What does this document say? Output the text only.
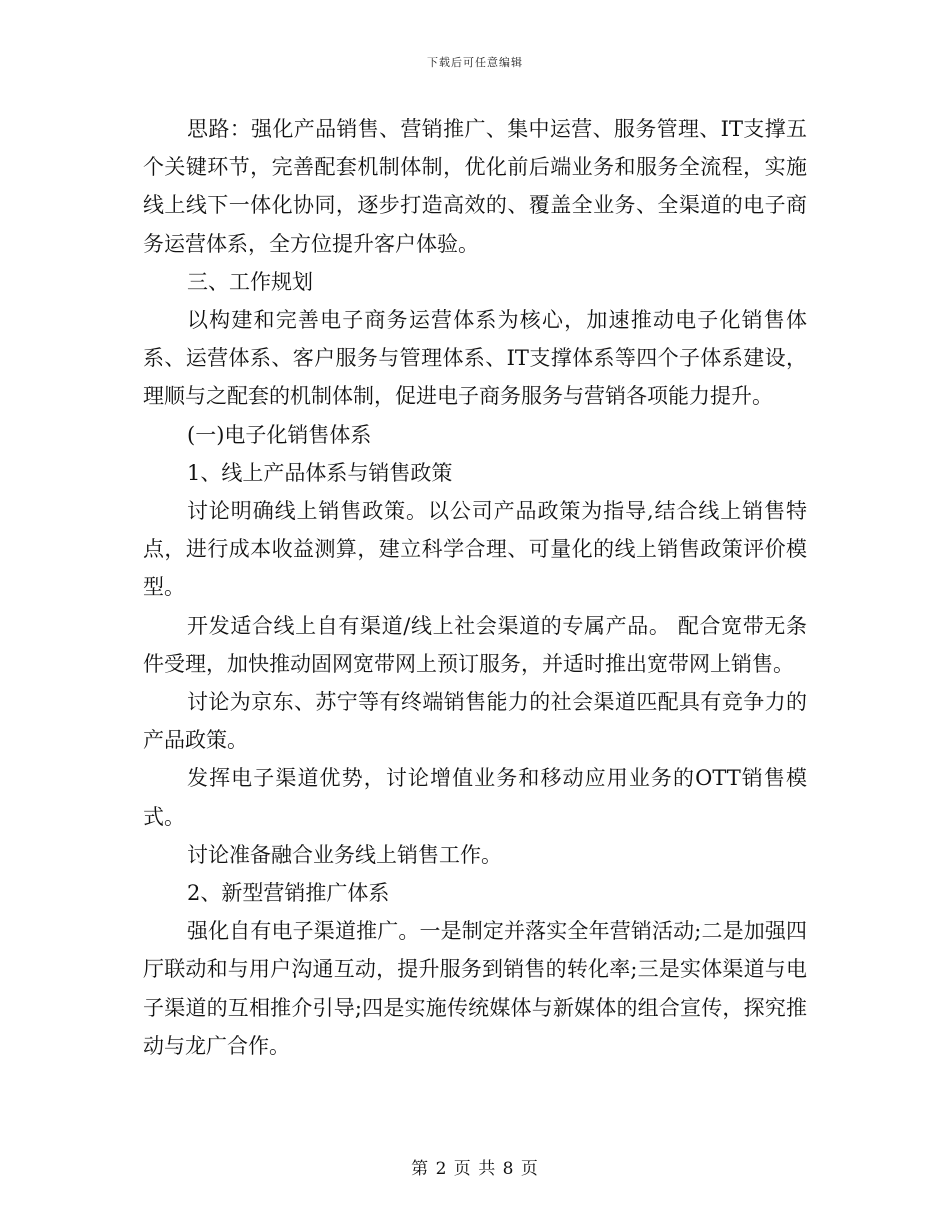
下载后可任意编辑

思路：强化产品销售、营销推广、集中运营、服务管理、IT支撑五个关键环节，完善配套机制体制，优化前后端业务和服务全流程，实施线上线下一体化协同，逐步打造高效的、覆盖全业务、全渠道的电子商务运营体系，全方位提升客户体验。

三、工作规划

以构建和完善电子商务运营体系为核心，加速推动电子化销售体系、运营体系、客户服务与管理体系、IT支撑体系等四个子体系建设，理顺与之配套的机制体制，促进电子商务服务与营销各项能力提升。

(一)电子化销售体系

1、线上产品体系与销售政策

讨论明确线上销售政策。以公司产品政策为指导,结合线上销售特点，进行成本收益测算，建立科学合理、可量化的线上销售政策评价模型。

开发适合线上自有渠道/线上社会渠道的专属产品。 配合宽带无条件受理，加快推动固网宽带网上预订服务，并适时推出宽带网上销售。

讨论为京东、苏宁等有终端销售能力的社会渠道匹配具有竞争力的产品政策。

发挥电子渠道优势，讨论增值业务和移动应用业务的OTT销售模式。

讨论准备融合业务线上销售工作。

2、新型营销推广体系

强化自有电子渠道推广。一是制定并落实全年营销活动;二是加强四厅联动和与用户沟通互动，提升服务到销售的转化率;三是实体渠道与电子渠道的互相推介引导;四是实施传统媒体与新媒体的组合宣传，探究推动与龙广合作。

第 2 页 共 8 页
